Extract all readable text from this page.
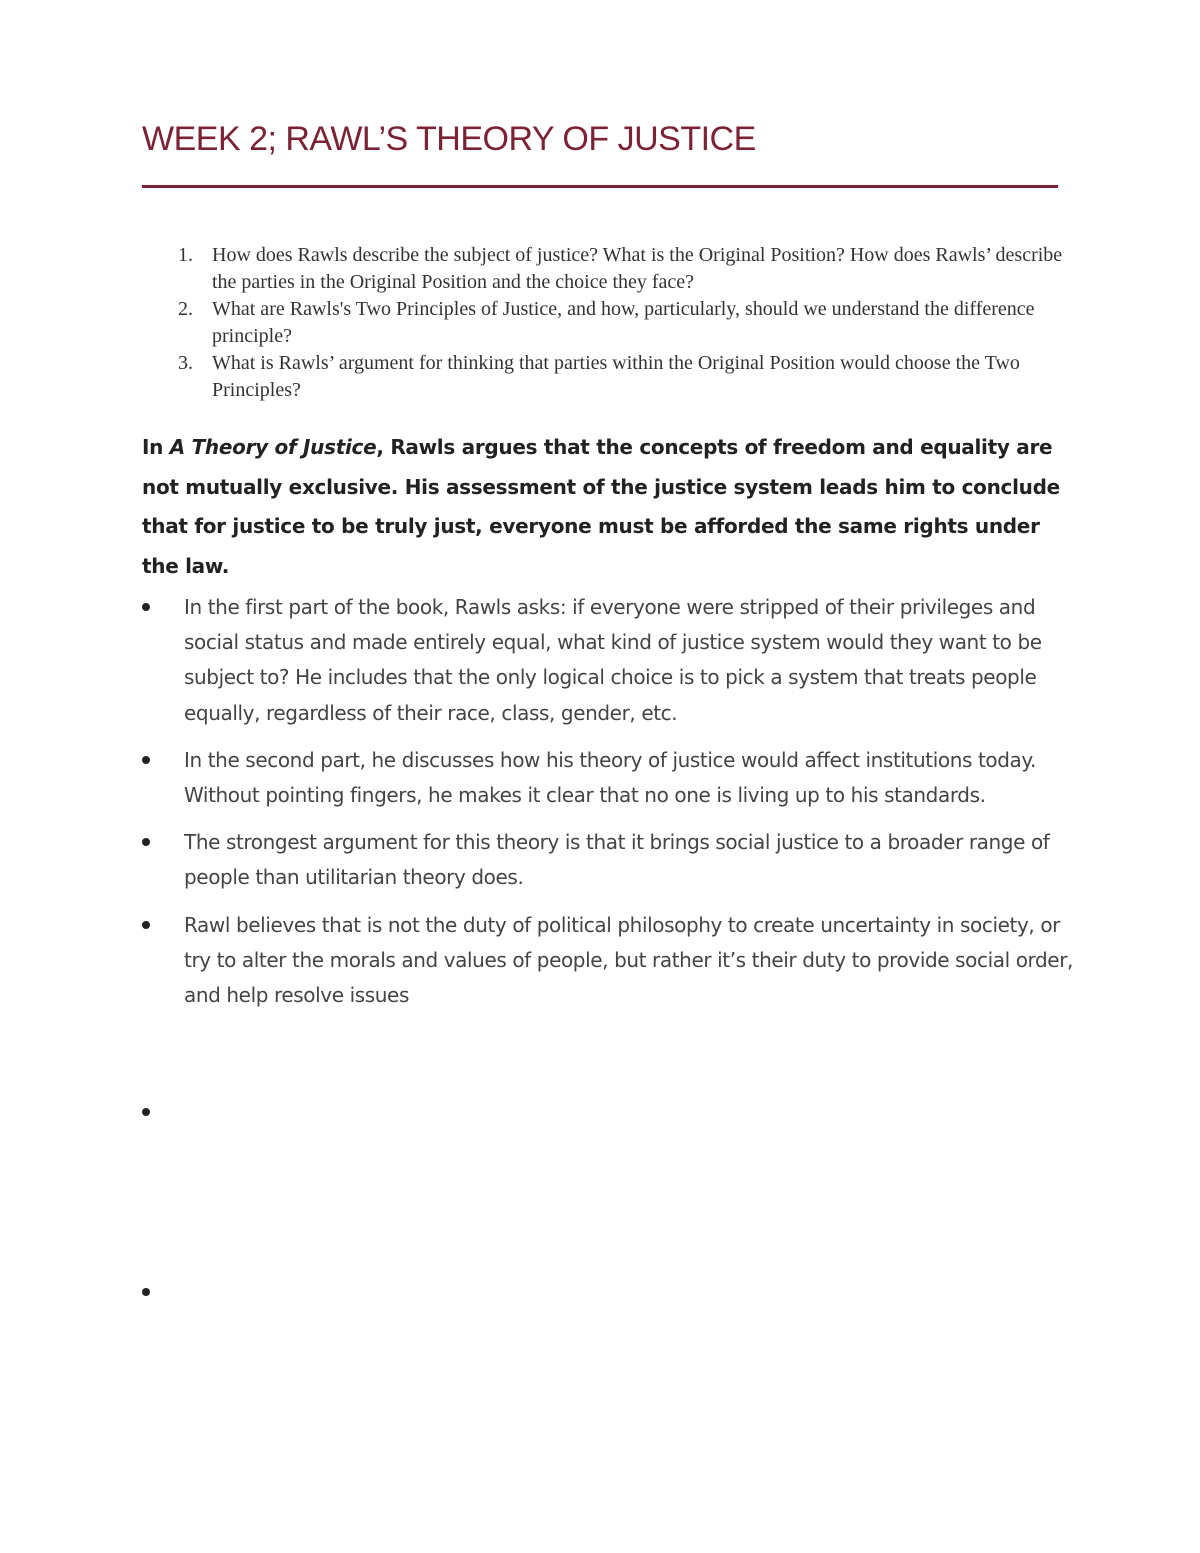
WEEK 2; RAWL’S THEORY OF JUSTICE
1. How does Rawls describe the subject of justice? What is the Original Position? How does Rawls’ describe the parties in the Original Position and the choice they face?
2. What are Rawls's Two Principles of Justice, and how, particularly, should we understand the difference principle?
3. What is Rawls’ argument for thinking that parties within the Original Position would choose the Two Principles?

In A Theory of Justice, Rawls argues that the concepts of freedom and equality are not mutually exclusive. His assessment of the justice system leads him to conclude that for justice to be truly just, everyone must be afforded the same rights under the law.

In the first part of the book, Rawls asks: if everyone were stripped of their privileges and social status and made entirely equal, what kind of justice system would they want to be subject to? He includes that the only logical choice is to pick a system that treats people equally, regardless of their race, class, gender, etc.
In the second part, he discusses how his theory of justice would affect institutions today. Without pointing fingers, he makes it clear that no one is living up to his standards.
The strongest argument for this theory is that it brings social justice to a broader range of people than utilitarian theory does.
Rawl believes that is not the duty of political philosophy to create uncertainty in society, or try to alter the morals and values of people, but rather it’s their duty to provide social order, and help resolve issues
